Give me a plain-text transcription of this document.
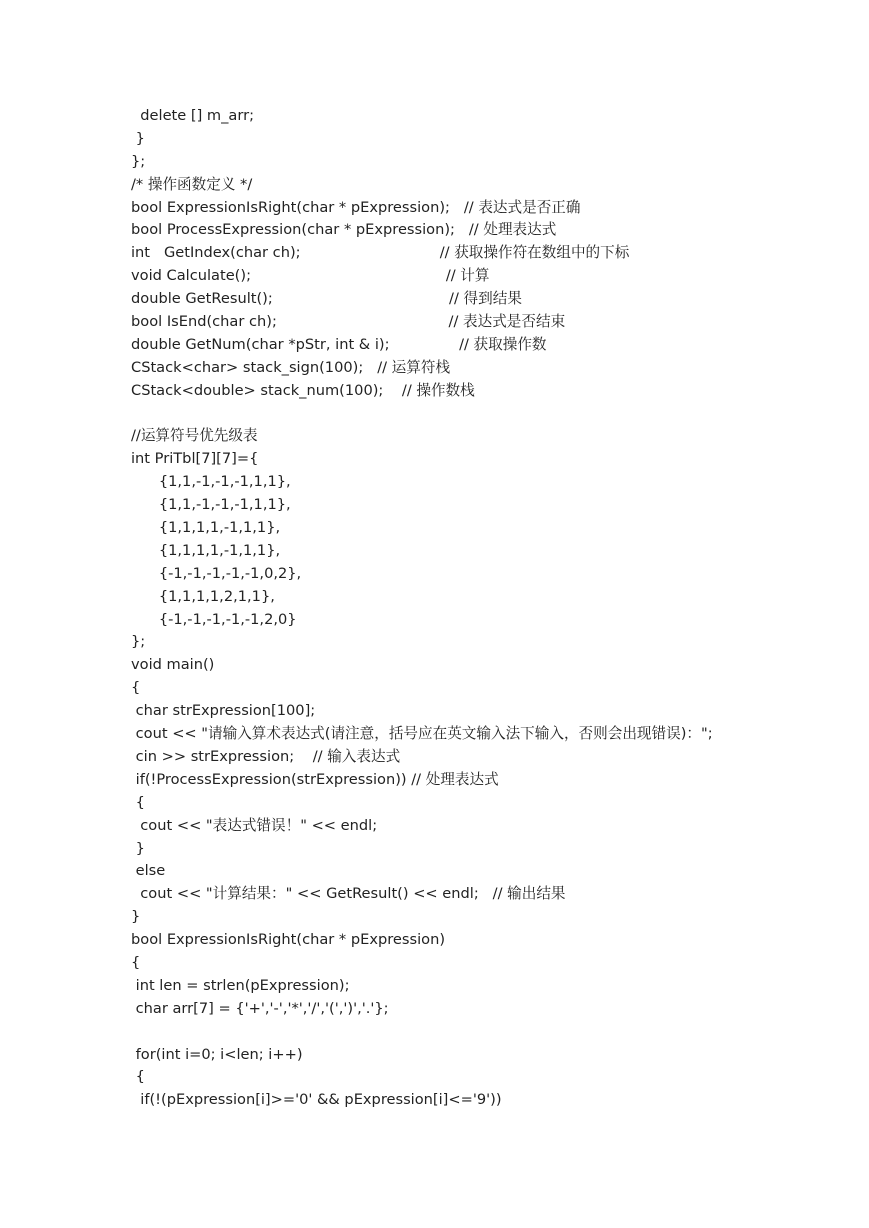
delete [] m_arr;
}
};
/* 操作函数定义 */
bool ExpressionIsRight(char * pExpression);   // 表达式是否正确
bool ProcessExpression(char * pExpression);   // 处理表达式
int   GetIndex(char ch);                              // 获取操作符在数组中的下标
void Calculate();                                          // 计算
double GetResult();                                      // 得到结果
bool IsEnd(char ch);                                     // 表达式是否结束
double GetNum(char *pStr, int & i);               // 获取操作数
CStack<char> stack_sign(100);   // 运算符栈
CStack<double> stack_num(100);    // 操作数栈
//运算符号优先级表
int PriTbl[7][7]={
{1,1,-1,-1,-1,1,1},
{1,1,-1,-1,-1,1,1},
{1,1,1,1,-1,1,1},
{1,1,1,1,-1,1,1},
{-1,-1,-1,-1,-1,0,2},
{1,1,1,1,2,1,1},
{-1,-1,-1,-1,-1,2,0}
};
void main()
{
char strExpression[100];
cout << "请输入算术表达式(请注意，括号应在英文输入法下输入，否则会出现错误)：";
cin >> strExpression;    // 输入表达式
if(!ProcessExpression(strExpression)) // 处理表达式
{
cout << "表达式错误！" << endl;
}
else
cout << "计算结果：" << GetResult() << endl;   // 输出结果
}
bool ExpressionIsRight(char * pExpression)
{
int len = strlen(pExpression);
char arr[7] = {'+','-','*','/','(',')','.'};
for(int i=0; i<len; i++)
{
if(!(pExpression[i]>='0' && pExpression[i]<='9'))
